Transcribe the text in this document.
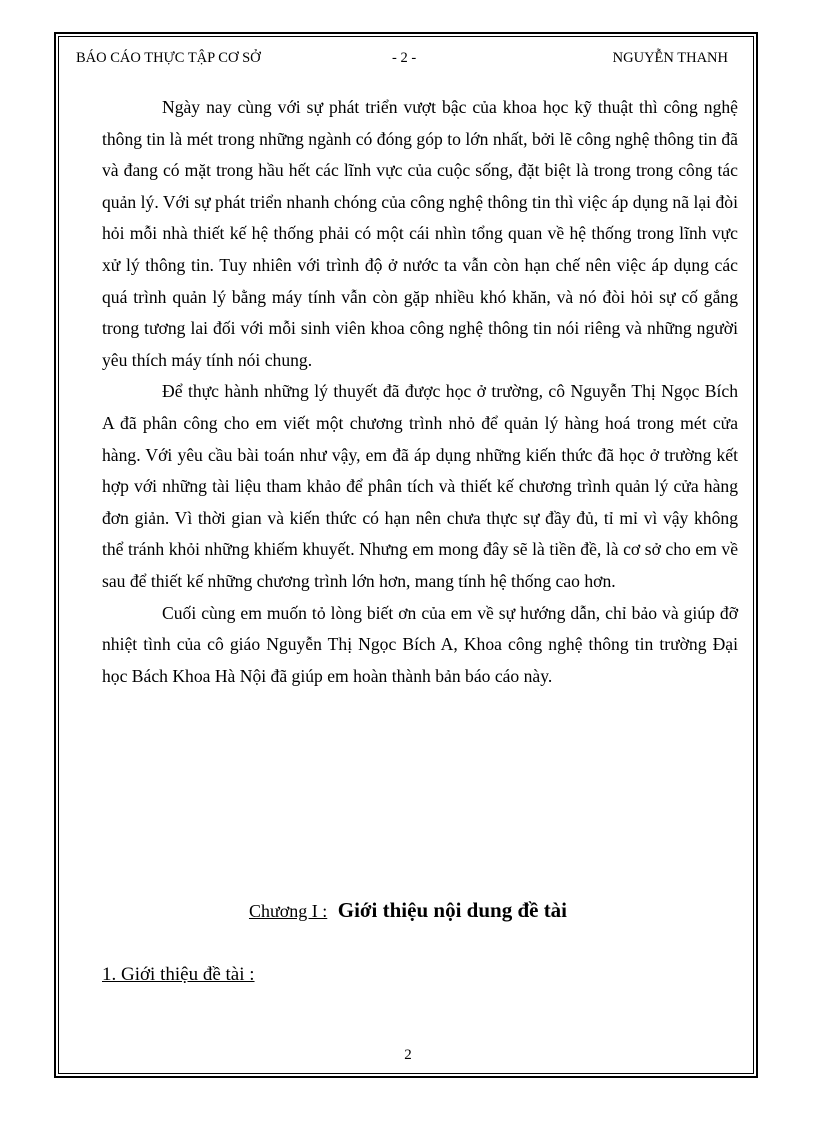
BÁO CÁO THỰC TẬP CƠ SỞ	- 2 -	NGUYỄN THANH

Ngày nay cùng với sự phát triển vượt bậc của khoa học kỹ thuật thì công nghệ thông tin là mét trong những ngành có đóng góp to lớn nhất, bởi lẽ công nghệ thông tin đã và đang có mặt trong hầu hết các lĩnh vực của cuộc sống, đặt biệt là trong trong công tác quản lý. Với sự phát triển nhanh chóng của công nghệ thông tin thì việc áp dụng nã lại đòi hỏi mỗi nhà thiết kế hệ thống phải có một cái nhìn tổng quan về hệ thống trong lĩnh vực xử lý thông tin. Tuy nhiên với trình độ ở nước ta vẫn còn hạn chế nên việc áp dụng các quá trình quản lý bằng máy tính vẫn còn gặp nhiều khó khăn, và nó đòi hỏi sự cố gắng trong tương lai đối với mỗi sinh viên khoa công nghệ thông tin nói riêng và những người yêu thích máy tính nói chung.

Để thực hành những lý thuyết đã được học ở trường, cô Nguyễn Thị Ngọc Bích A đã phân công cho em viết một chương trình nhỏ để quản lý hàng hoá trong mét cửa hàng. Với yêu cầu bài toán như vậy, em đã áp dụng những kiến thức đã học ở trường kết hợp với những tài liệu tham khảo để phân tích và thiết kế chương trình quản lý cửa hàng đơn giản. Vì thời gian và kiến thức có hạn nên chưa thực sự đầy đủ, tỉ mỉ vì vậy không thể tránh khỏi những khiếm khuyết. Nhưng em mong đây sẽ là tiền đề, là cơ sở cho em về sau để thiết kế những chương trình lớn hơn, mang tính hệ thống cao hơn.

Cuối cùng em muốn tỏ lòng biết ơn của em về sự hướng dẫn, chỉ bảo và giúp đỡ nhiệt tình của cô giáo Nguyễn Thị Ngọc Bích A, Khoa công nghệ thông tin trường Đại học Bách Khoa Hà Nội đã giúp em hoàn thành bản báo cáo này.

Chương I : Giới thiệu nội dung đề tài
1. Giới thiệu đề tài :
2
